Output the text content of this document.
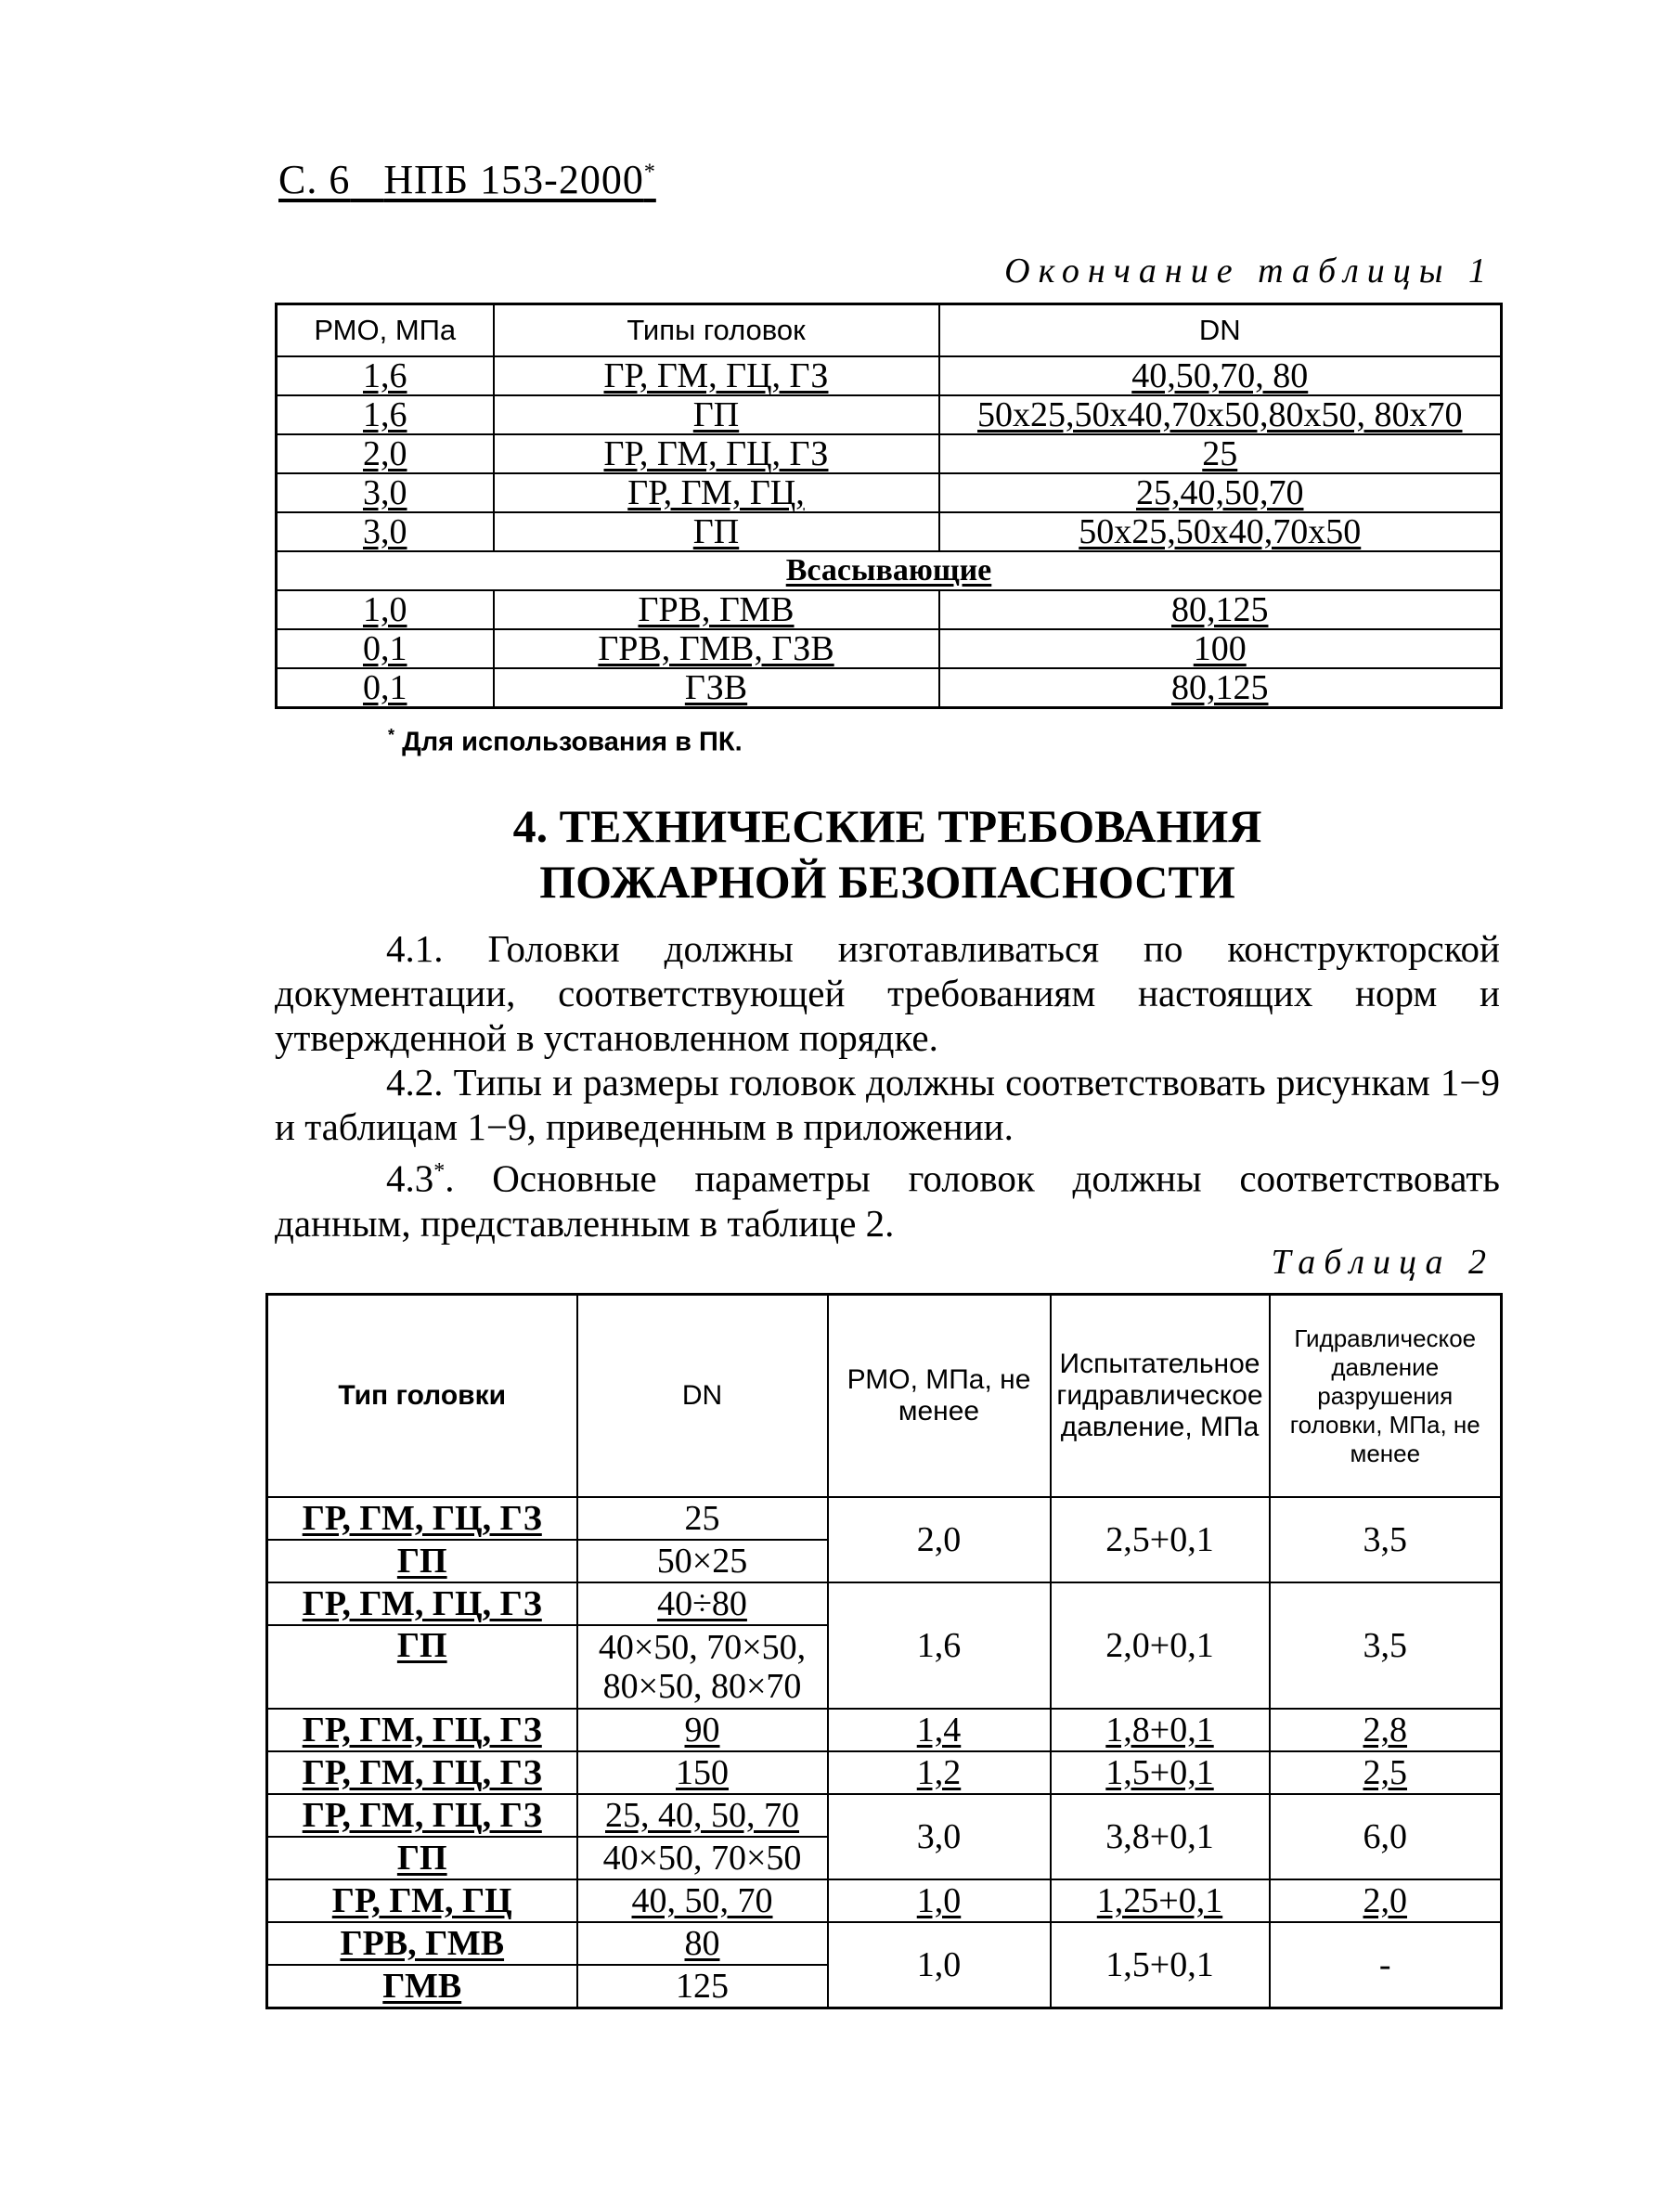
С. 6 НПБ 153-2000*
Окончание таблицы 1
РМО, МПа	Типы головок	DN
1,6	ГР, ГМ, ГЦ, ГЗ	40,50,70, 80
1,6	ГП	50x25,50x40,70x50,80x50, 80x70
2,0	ГР, ГМ, ГЦ, ГЗ	25
3,0	ГР, ГМ, ГЦ,	25,40,50,70
3,0	ГП	50x25,50x40,70x50
Всасывающие		
1,0	ГРВ, ГМВ	80,125
0,1	ГРВ, ГМВ, ГЗВ	100
0,1	ГЗВ	80,125
* Для использования в ПК.
4. ТЕХНИЧЕСКИЕ ТРЕБОВАНИЯ
ПОЖАРНОЙ БЕЗОПАСНОСТИ
4.1. Головки должны изготавливаться по конструкторской документации, соответствующей требованиям настоящих норм и утвержденной в установленном порядке.
4.2. Типы и размеры головок должны соответствовать рисункам 1−9 и таблицам 1−9, приведенным в приложении.
4.3*. Основные параметры головок должны соответствовать данным, представленным в таблице 2.
Таблица 2
Тип головки	DN	РМО, МПа, не менее	Испытательное гидравлическое давление, МПа	Гидравлическое давление разрушения головки, МПа, не менее
ГР, ГМ, ГЦ, ГЗ	25	2,0	2,5+0,1	3,5
ГП	50×25			
ГР, ГМ, ГЦ, ГЗ	40÷80	1,6	2,0+0,1	3,5
ГП	40×50, 70×50,
80×50, 80×70			

ГР, ГМ, ГЦ, ГЗ	90	1,4	1,8+0,1	2,8
ГР, ГМ, ГЦ, ГЗ	150	1,2	1,5+0,1	2,5
ГР, ГМ, ГЦ, ГЗ	25, 40, 50, 70	3,0	3,8+0,1	6,0
ГП	40×50, 70×50			
ГР, ГМ, ГЦ	40, 50, 70	1,0	1,25+0,1	2,0
ГРВ, ГМВ	80	1,0	1,5+0,1	-
ГМВ	125			
